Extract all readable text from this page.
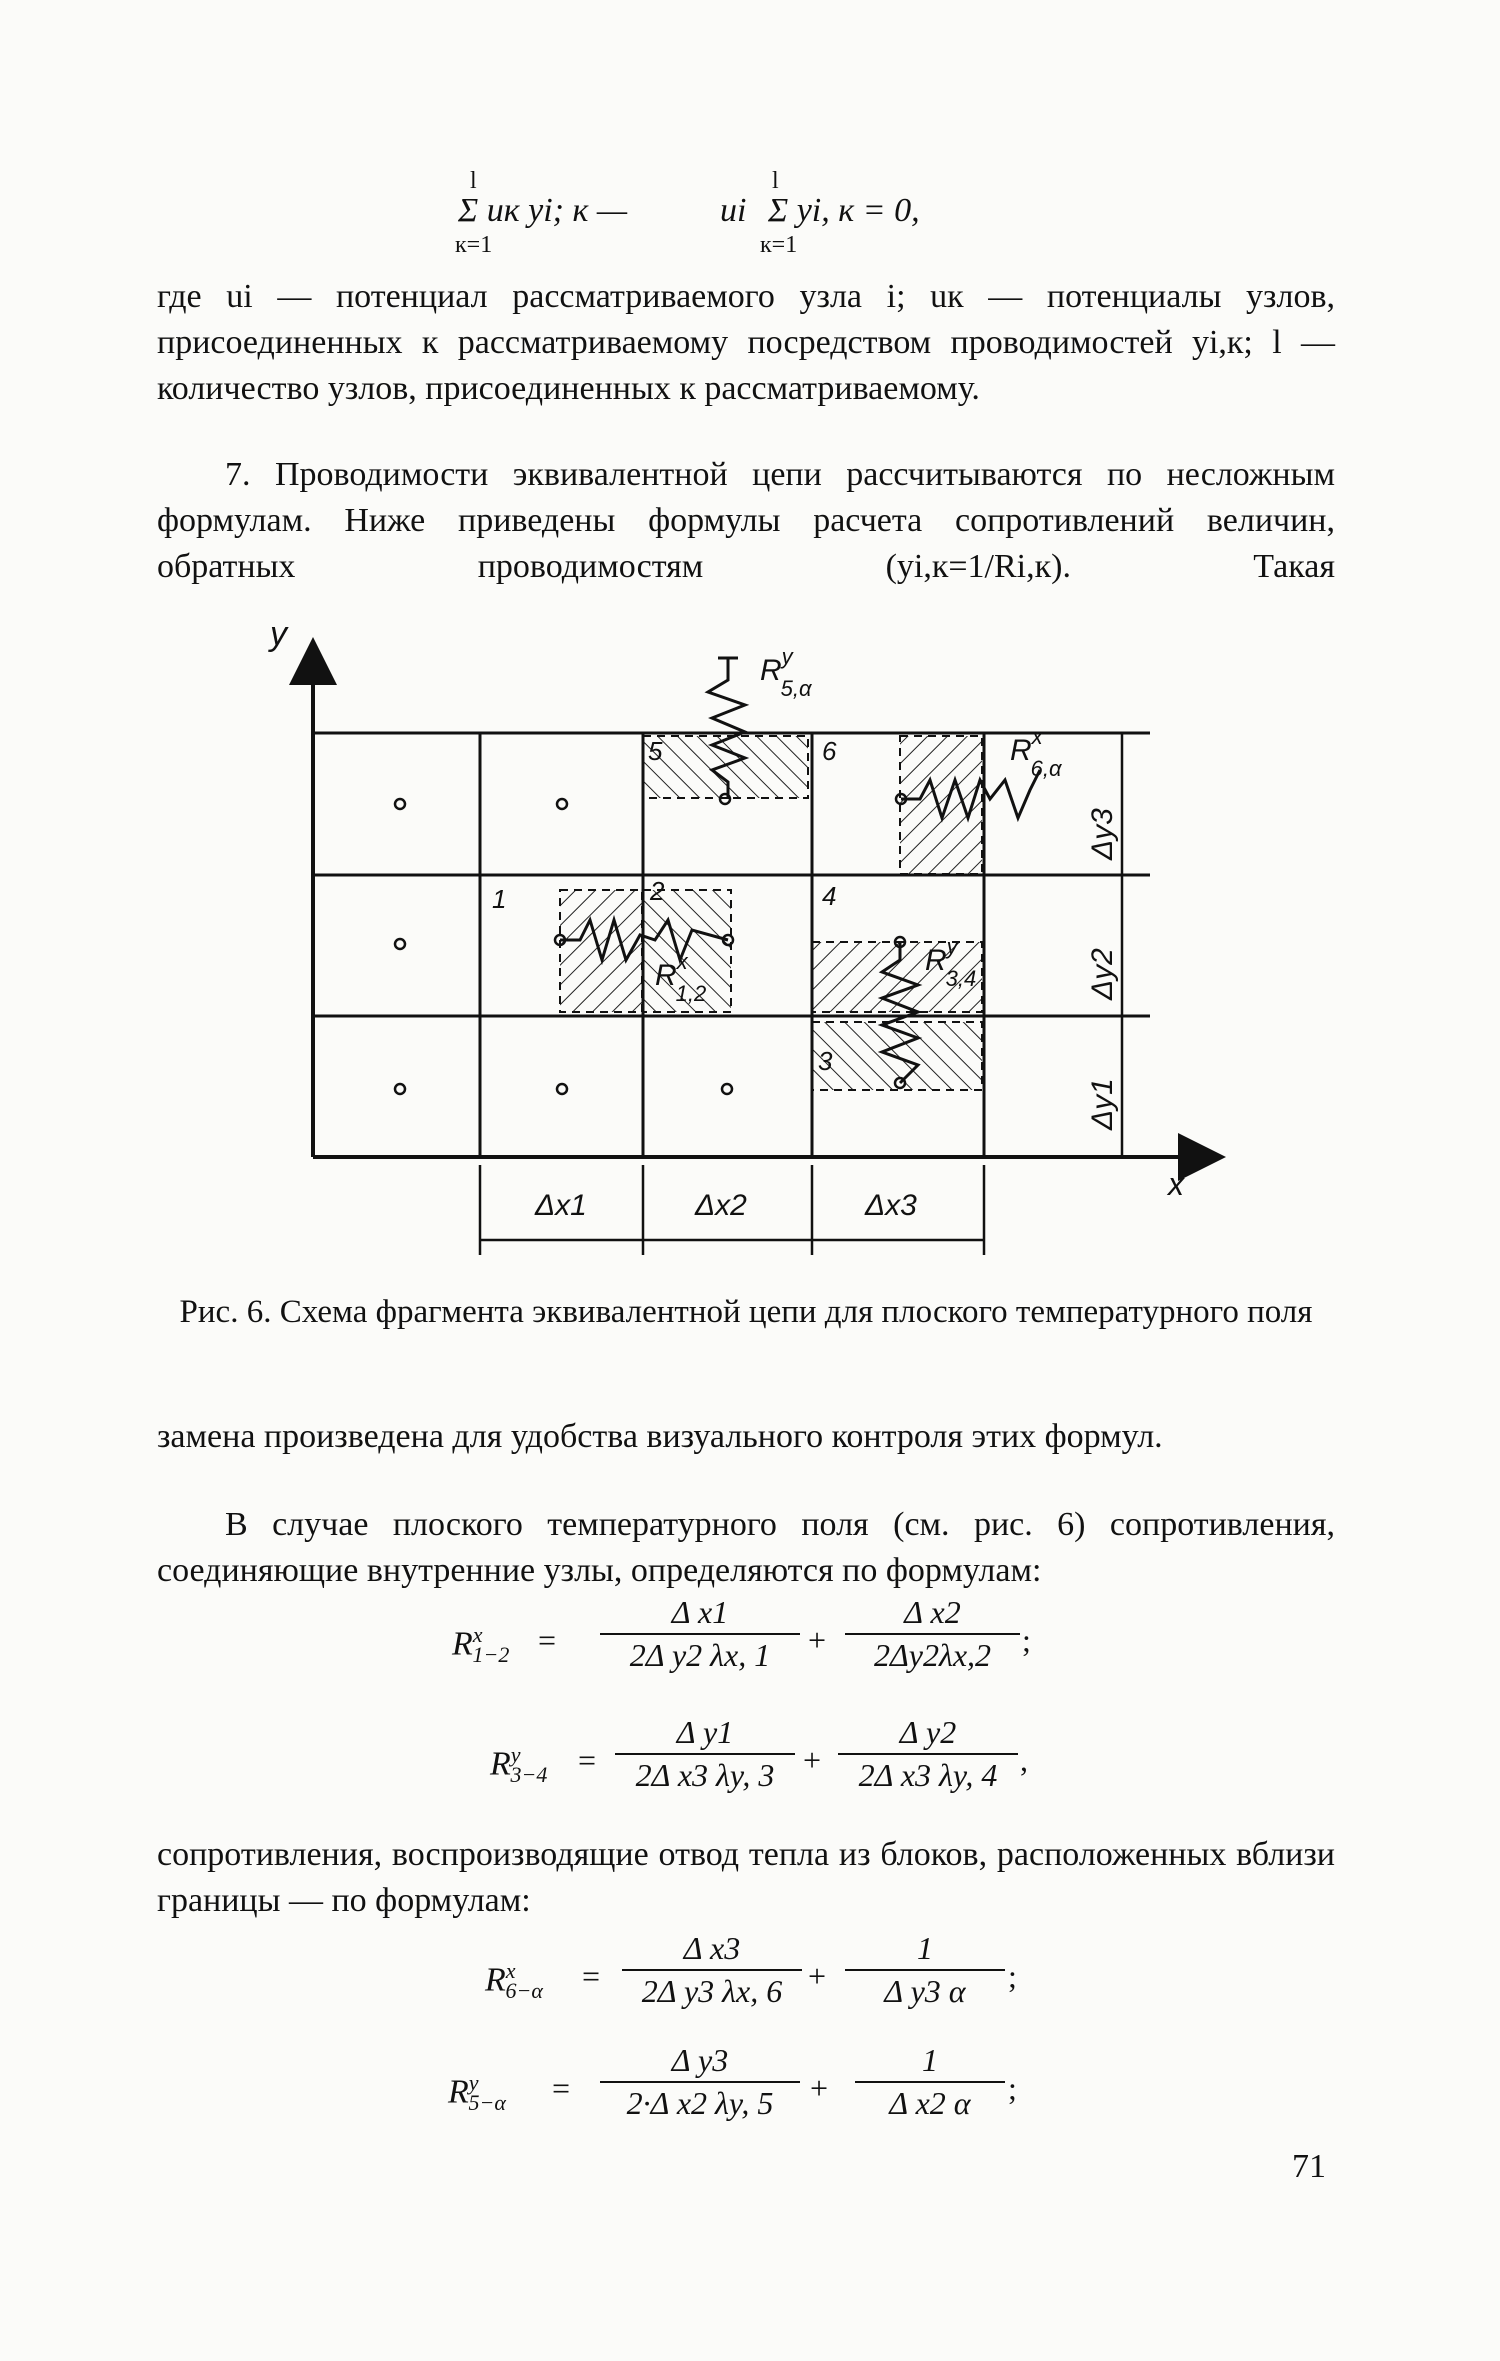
l
Σ uк yi; к —
к=1
ui
l
Σ yi, к = 0,
к=1
где ui — потенциал рассматриваемого узла i; uк — потенциалы узлов, присоединенных к рассматриваемому посредством проводимостей yi,к; l — количество узлов, присоединенных к рассматриваемому.
7. Проводимости эквивалентной цепи рассчитываются по несложным формулам. Ниже приведены формулы расчета сопротивлений величин, обратных проводимостям (yi,к=1/Ri,к). Такая
y
x
1	2
3
4
5	6
$R^y$ 5,α
$R^x$ 6,α
$R^x$ 1,2
$R^y$ 3,4
Δy3
Δy2
Δy1
Δx1	Δx2	Δx3
Рис. 6. Схема фрагмента эквивалентной цепи для плоского температурного поля
замена произведена для удобства визуального контроля этих формул.
В случае плоского температурного поля (см. рис. 6) сопротивления, соединяющие внутренние узлы, определяются по формулам:
$R^x_{1-2} = \frac{\text{Δ x1}}{\text{2Δ y2 λx, 1}} + \frac{\text{Δ x2}}{2\Delta y2\lambda x,2}$ ;
$R^y_{3-4} = \frac{\text{Δ y1}}{\text{2Δ x3 λy, 3}} + \frac{\text{Δ y2}}{\text{2Δ x3 λy, 4}}$ ,
сопротивления, воспроизводящие отвод тепла из блоков, расположенных вблизи границы — по формулам:
$R^x_{6-\alpha} = \frac{\text{Δ x3}}{\text{2Δ y3 λx, 6}} + \frac{1}{\text{Δ y3 α}}$ ;
$R^y_{5-\alpha} = \frac{\text{Δ y3}}{\text{2·Δ x2 λy, 5}} + \frac{1}{\text{Δ x2 α}}$ ;
71
